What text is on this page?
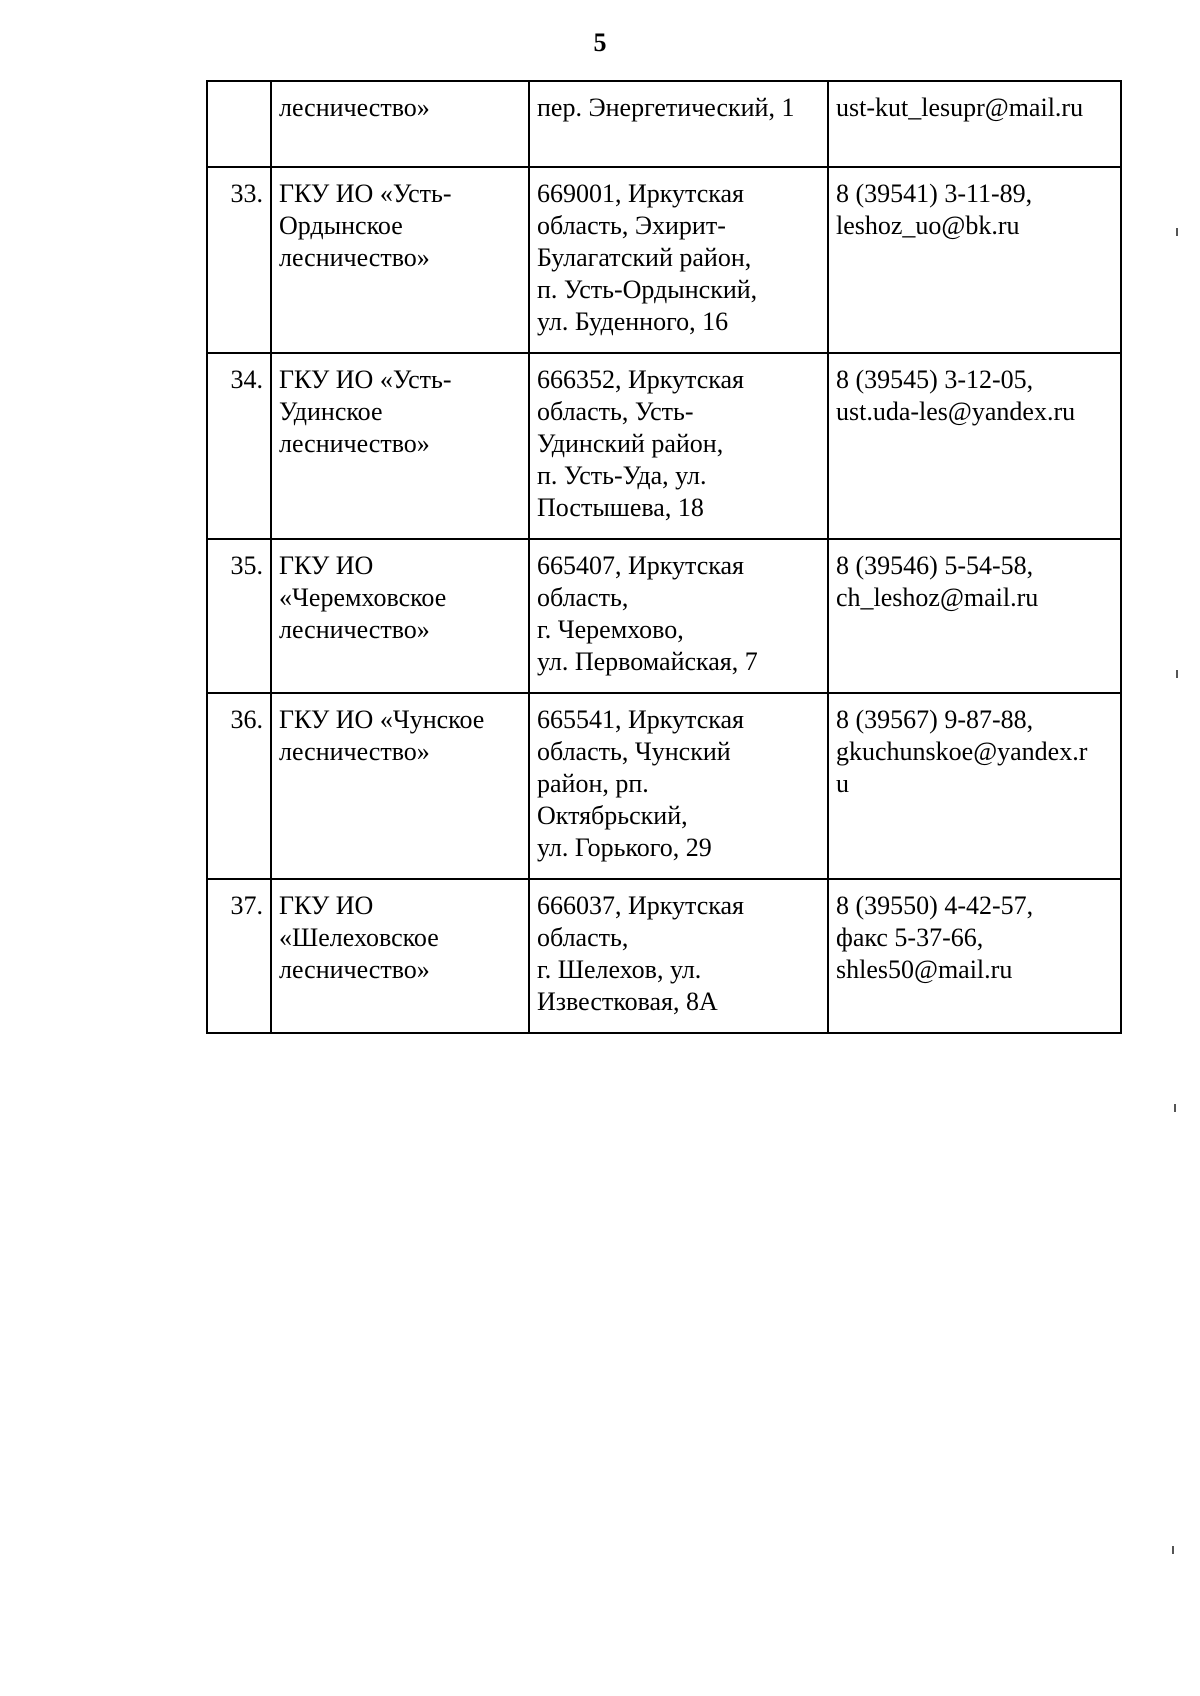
5

	лесничество»	пер. Энергетический, 1	ust-kut_lesupr@mail.ru

33.	ГКУ ИО «Усть-
Ордынское
лесничество»	669001, Иркутская
область, Эхирит-
Булагатский район,
п. Усть-Ордынский,
ул. Буденного, 16	8 (39541) 3-11-89,
leshoz_uo@bk.ru

34.	ГКУ ИО «Усть-
Удинское
лесничество»	666352, Иркутская
область, Усть-
Удинский район,
п. Усть-Уда, ул.
Постышева, 18	8 (39545) 3-12-05,
ust.uda-les@yandex.ru

35.	ГКУ ИО
«Черемховское
лесничество»	665407, Иркутская
область,
г. Черемхово,
ул. Первомайская, 7	8 (39546) 5-54-58,
ch_leshoz@mail.ru

36.	ГКУ ИО «Чунское
лесничество»	665541, Иркутская
область, Чунский
район, рп.
Октябрьский,
ул. Горького, 29	8 (39567) 9-87-88,
gkuchunskoe@yandex.r
u

37.	ГКУ ИО
«Шелеховское
лесничество»	666037, Иркутская
область,
г. Шелехов, ул.
Известковая, 8А	8 (39550) 4-42-57,
факс 5-37-66,
shles50@mail.ru
